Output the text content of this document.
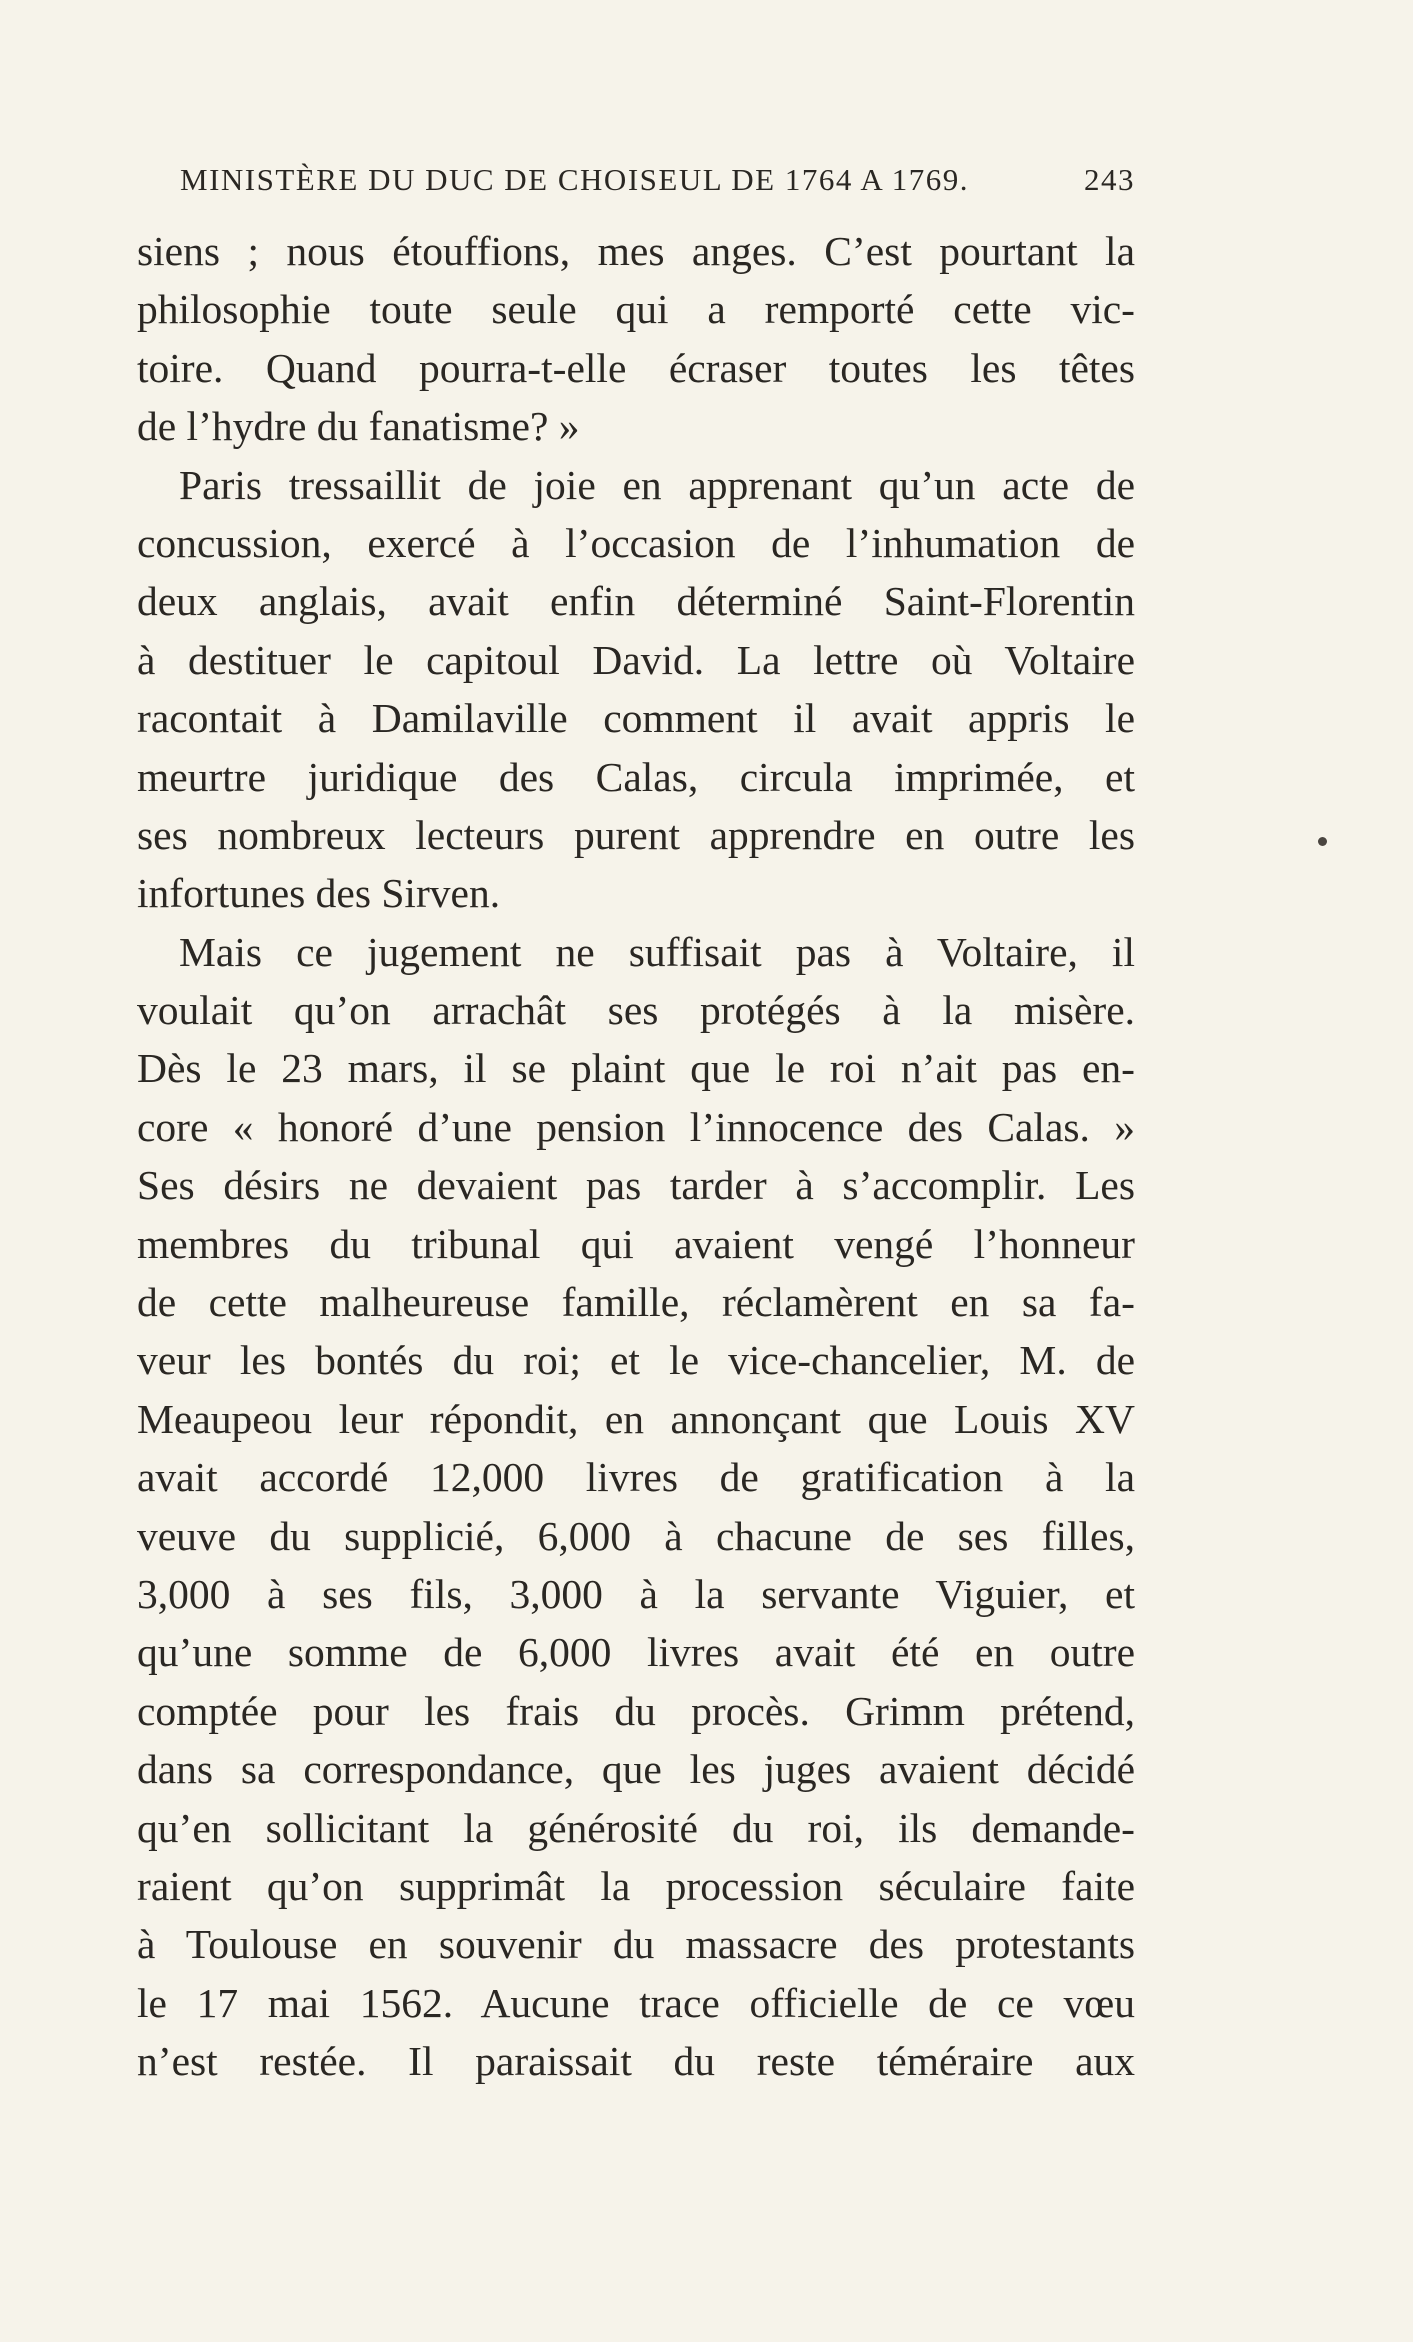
MINISTÈRE DU DUC DE CHOISEUL DE 1764 A 1769.	243
siens ; nous étouffions, mes anges. C’est pourtant la
philosophie toute seule qui a remporté cette vic-
toire. Quand pourra-t-elle écraser toutes les têtes
de l’hydre du fanatisme? »
Paris tressaillit de joie en apprenant qu’un acte de
concussion, exercé à l’occasion de l’inhumation de
deux anglais, avait enfin déterminé Saint-Florentin
à destituer le capitoul David. La lettre où Voltaire
racontait à Damilaville comment il avait appris le
meurtre juridique des Calas, circula imprimée, et
ses nombreux lecteurs purent apprendre en outre les
infortunes des Sirven.
Mais ce jugement ne suffisait pas à Voltaire, il
voulait qu’on arrachât ses protégés à la misère.
Dès le 23 mars, il se plaint que le roi n’ait pas en-
core « honoré d’une pension l’innocence des Calas. »
Ses désirs ne devaient pas tarder à s’accomplir. Les
membres du tribunal qui avaient vengé l’honneur
de cette malheureuse famille, réclamèrent en sa fa-
veur les bontés du roi; et le vice-chancelier, M. de
Meaupeou leur répondit, en annonçant que Louis XV
avait accordé 12,000 livres de gratification à la
veuve du supplicié, 6,000 à chacune de ses filles,
3,000 à ses fils, 3,000 à la servante Viguier, et
qu’une somme de 6,000 livres avait été en outre
comptée pour les frais du procès. Grimm prétend,
dans sa correspondance, que les juges avaient décidé
qu’en sollicitant la générosité du roi, ils demande-
raient qu’on supprimât la procession séculaire faite
à Toulouse en souvenir du massacre des protestants
le 17 mai 1562. Aucune trace officielle de ce vœu
n’est restée. Il paraissait du reste téméraire aux
